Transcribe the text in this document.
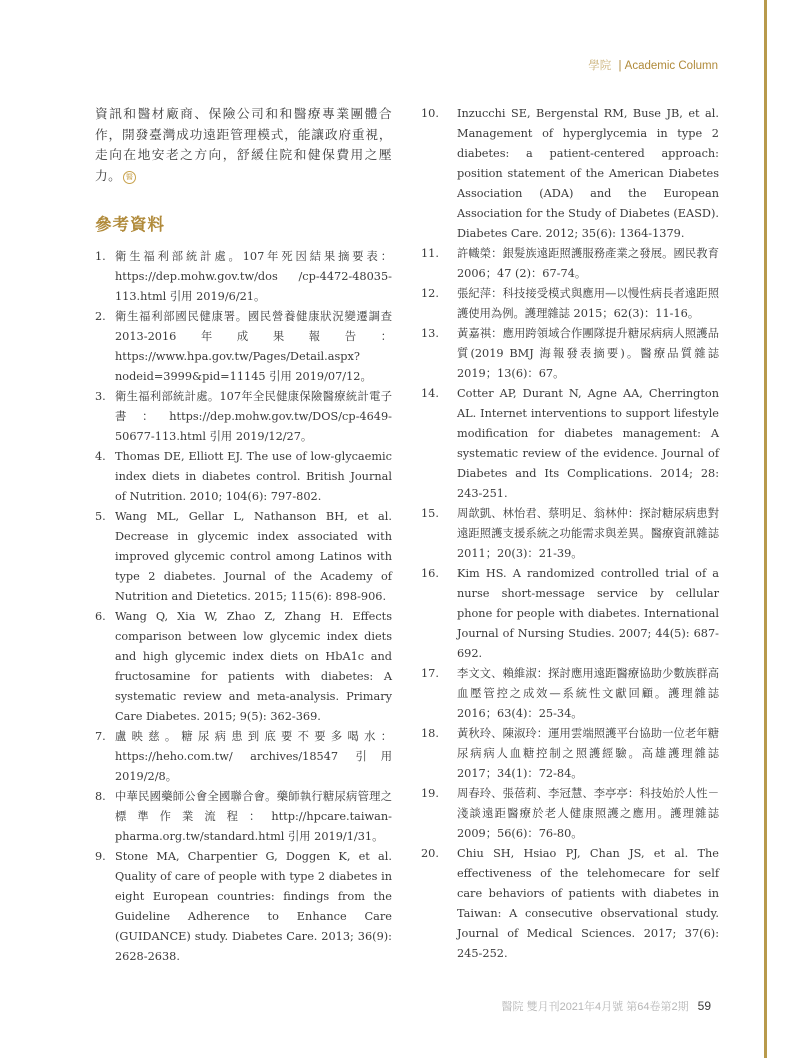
學院 | Academic Column

資訊和醫材廠商、保險公司和和醫療專業團體合作，開發臺灣成功遠距管理模式，能讓政府重視，走向在地安老之方向，舒緩住院和健保費用之壓力。 醫

參考資料
1. 衛生福利部統計處。107年死因結果摘要表：https://dep.mohw.gov.tw/dos /cp-4472-48035-113.html 引用 2019/6/21。
2. 衛生福利部國民健康署。國民營養健康狀況變遷調查2013-2016年成果報告：https://www.hpa.gov.tw/Pages/Detail.aspx?nodeid=3999&pid=11145 引用 2019/07/12。
3. 衛生福利部統計處。107年全民健康保險醫療統計電子書：https://dep.mohw.gov.tw/DOS/cp-4649-50677-113.html 引用 2019/12/27。
4. Thomas DE, Elliott EJ. The use of low-glycaemic index diets in diabetes control. British Journal of Nutrition. 2010; 104(6): 797-802.
5. Wang ML, Gellar L, Nathanson BH, et al. Decrease in glycemic index associated with improved glycemic control among Latinos with type 2 diabetes. Journal of the Academy of Nutrition and Dietetics. 2015; 115(6): 898-906.
6. Wang Q, Xia W, Zhao Z, Zhang H. Effects comparison between low glycemic index diets and high glycemic index diets on HbA1c and fructosamine for patients with diabetes: A systematic review and meta-analysis. Primary Care Diabetes. 2015; 9(5): 362-369.
7. 盧映慈。糖尿病患到底要不要多喝水：https://heho.com.tw/ archives/18547 引用 2019/2/8。
8. 中華民國藥師公會全國聯合會。藥師執行糖尿病管理之標準作業流程：http://hpcare.taiwan-pharma.org.tw/standard.html 引用 2019/1/31。
9. Stone MA, Charpentier G, Doggen K, et al. Quality of care of people with type 2 diabetes in eight European countries: findings from the Guideline Adherence to Enhance Care (GUIDANCE) study. Diabetes Care. 2013; 36(9): 2628-2638.
10. Inzucchi SE, Bergenstal RM, Buse JB, et al. Management of hyperglycemia in type 2 diabetes: a patient-centered approach: position statement of the American Diabetes Association (ADA) and the European Association for the Study of Diabetes (EASD). Diabetes Care. 2012; 35(6): 1364-1379.
11. 許幟榮：銀髮族遠距照護服務產業之發展。國民教育 2006；47 (2)：67-74。
12. 張紀萍：科技接受模式與應用—以慢性病長者遠距照護使用為例。護理雜誌 2015；62(3)：11-16。
13. 黃嘉祺：應用跨領域合作團隊提升糖尿病病人照護品質(2019 BMJ 海報發表摘要)。醫療品質雜誌 2019；13(6)：67。
14. Cotter AP, Durant N, Agne AA, Cherrington AL. Internet interventions to support lifestyle modification for diabetes management: A systematic review of the evidence. Journal of Diabetes and Its Complications. 2014; 28: 243-251.
15. 周歆凱、林怡君、蔡明足、翁林仲：探討糖尿病患對遠距照護支援系統之功能需求與差異。醫療資訊雜誌 2011；20(3)：21-39。
16. Kim HS. A randomized controlled trial of a nurse short-message service by cellular phone for people with diabetes. International Journal of Nursing Studies. 2007; 44(5): 687-692.
17. 李文文、賴維淑：探討應用遠距醫療協助少數族群高血壓管控之成效—系統性文獻回顧。護理雜誌 2016；63(4)：25-34。
18. 黃秋玲、陳淑玲：運用雲端照護平台協助一位老年糖尿病病人血糖控制之照護經驗。高雄護理雜誌 2017；34(1)：72-84。
19. 周春玲、張蓓莉、李冠慧、李亭亭：科技始於人性－淺談遠距醫療於老人健康照護之應用。護理雜誌 2009；56(6)：76-80。
20. Chiu SH, Hsiao PJ, Chan JS, et al. The effectiveness of the telehomecare for self care behaviors of patients with diabetes in Taiwan: A consecutive observational study. Journal of Medical Sciences. 2017; 37(6): 245-252.
醫院 雙月刊2021年4月號 第64卷第2期 59
